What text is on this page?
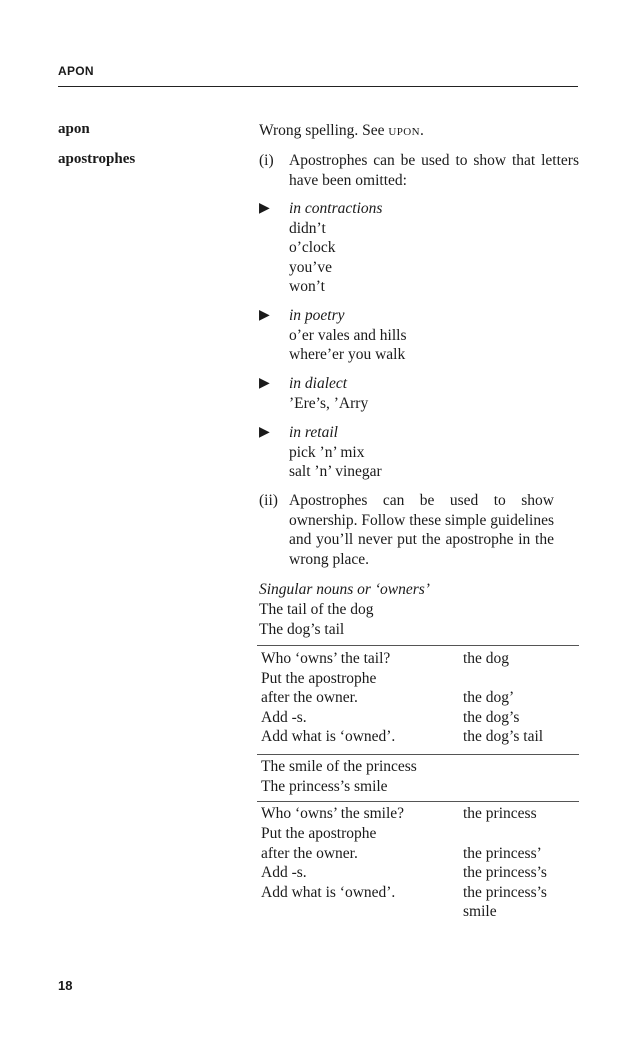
APON
apon	Wrong spelling. See UPON.
apostrophes	(i) Apostrophes can be used to show that letters have been omitted:
▶ in contractions
didn’t
o’clock
you’ve
won’t
▶ in poetry
o’er vales and hills
where’er you walk
▶ in dialect
’Ere’s, ’Arry
▶ in retail
pick ’n’ mix
salt ’n’ vinegar
(ii) Apostrophes can be used to show ownership. Follow these simple guidelines and you’ll never put the apostrophe in the wrong place.
Singular nouns or ‘owners’
The tail of the dog
The dog’s tail
Who ‘owns’ the tail?	the dog
Put the apostrophe
after the owner.	the dog’
Add -s.	the dog’s
Add what is ‘owned’.	the dog’s tail
The smile of the princess
The princess’s smile
Who ‘owns’ the smile?	the princess
Put the apostrophe
after the owner.	the princess’
Add -s.	the princess’s
Add what is ‘owned’.	the princess’s
smile
18
